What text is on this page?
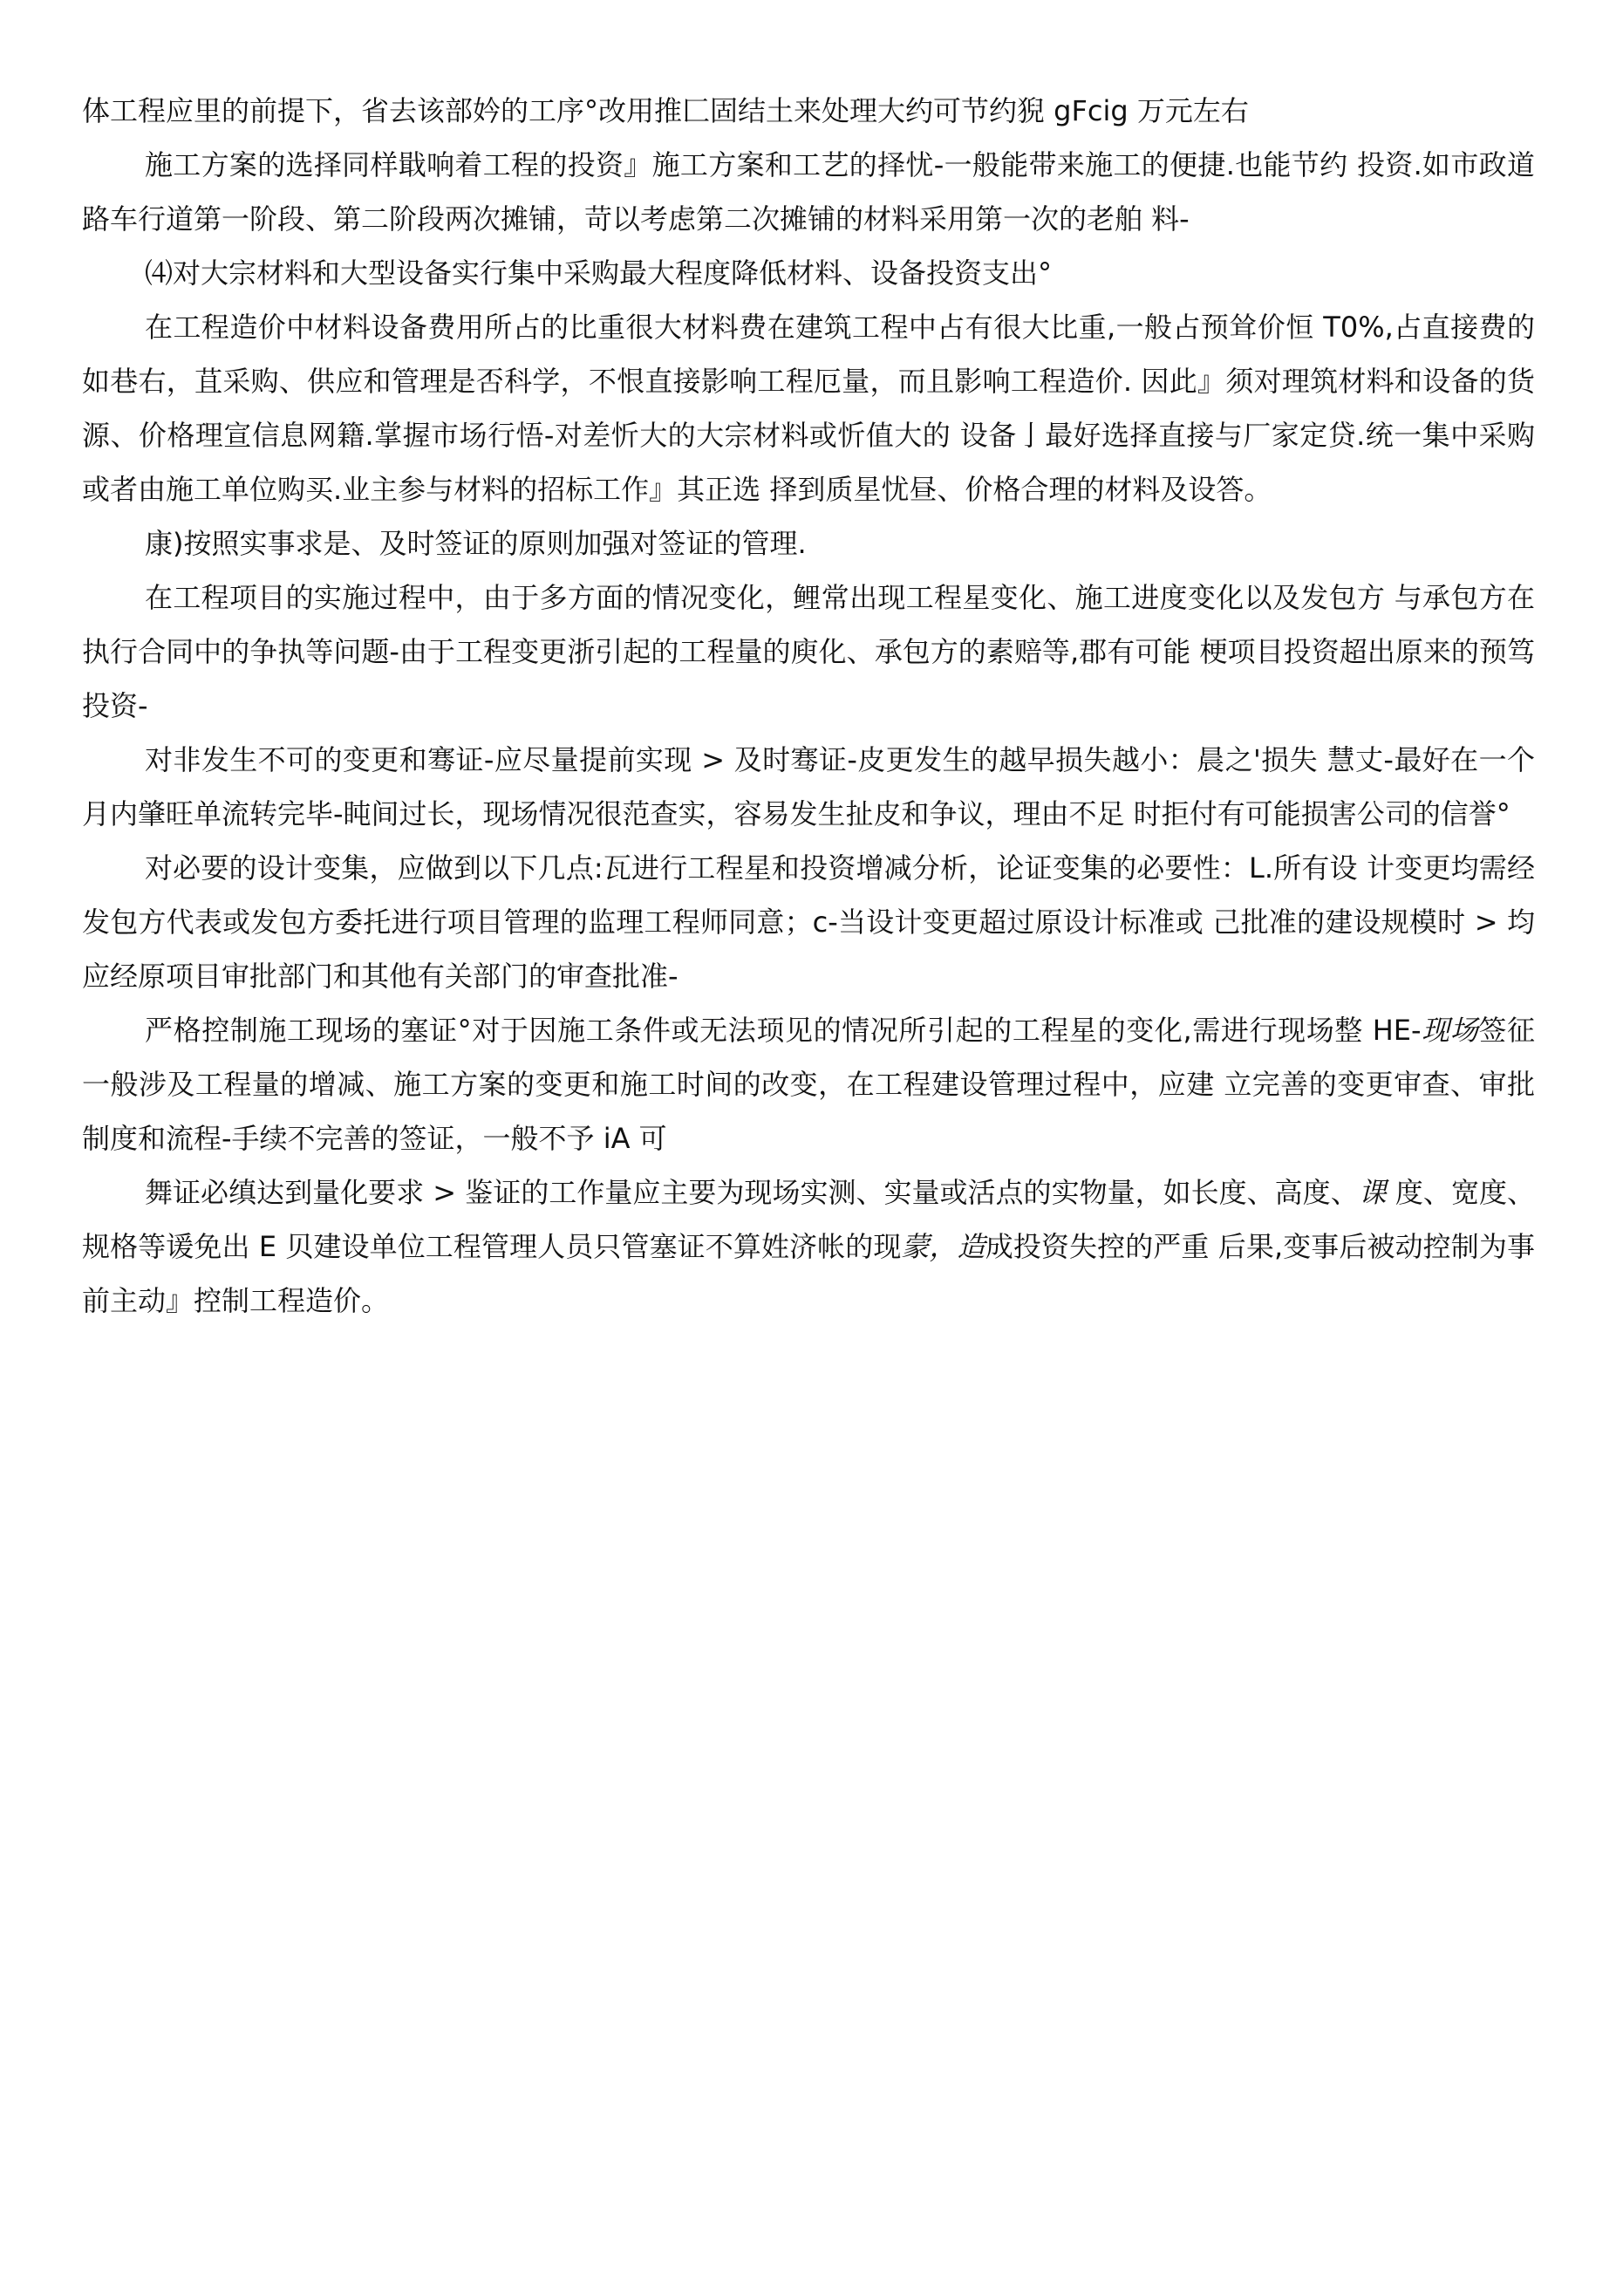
体工程应里的前提下，省去该部妗的工序°改用推匚固结土来处理大约可节约猊 gFcig 万元左右

施工方案的选择同样戢响着工程的投资』施工方案和工艺的择忧-一般能带来施工的便捷.也能节约 投资.如市政道路车行道第一阶段、第二阶段两次摊铺，苛以考虑第二次摊铺的材料采用第一次的老舶 料-

⑷对大宗材料和大型设备实行集中采购最大程度降低材料、设备投资支出°

在工程造价中材料设备费用所占的比重很大材料费在建筑工程中占有很大比重,一般占预耸价恒 T0%,占直接费的如巷右，苴采购、供应和管理是否科学，不恨直接影响工程厄量，而且影响工程造价. 因此』须对理筑材料和设备的货源、价格理宣信息网籍.掌握市场行悟-对差忻大的大宗材料或忻值大的 设备亅最好选择直接与厂家定贷.统一集中采购或者由施工单位购买.业主参与材料的招标工作』其正选 择到质星忧昼、价格合理的材料及设答。

康)按照实事求是、及时签证的原则加强对签证的管理.

在工程项目的实施过程中，由于多方面的情况变化，鲤常出现工程星变化、施工进度变化以及发包方 与承包方在执行合同中的争执等问题-由于工程变更浙引起的工程量的庾化、承包方的素赔等,郡有可能 梗项目投资超出原来的预笃投资-

对非发生不可的变更和骞证-应尽量提前实现 > 及时骞证-皮更发生的越早损失越小：晨之'损失 慧丈-最好在一个月内肇旺单流转完毕-盹间过长，现场情况很范查实，容易发生扯皮和争议，理由不足 时拒付有可能损害公司的信誉°

对必要的设计变集，应做到以下几点:瓦进行工程星和投资增减分析，论证变集的必要性：L.所有设 计变更均需经发包方代表或发包方委托进行项目管理的监理工程师同意；c-当设计变更超过原设计标准或 己批准的建设规模时 > 均应经原项目审批部门和其他有关部门的审查批准-

严格控制施工现场的塞证°对于因施工条件或无法顼见的情况所引起的工程星的变化,需进行现场整 HE-现场签征一般涉及工程量的增减、施工方案的变更和施工时间的改变，在工程建设管理过程中，应建 立完善的变更审查、审批制度和流程-手续不完善的签证，一般不予 iA 可

舞证必缜达到量化要求 > 鉴证的工作量应主要为现场实测、实量或活点的实物量，如长度、高度、课 度、宽度、规格等谖免出 E 贝建设单位工程管理人员只管塞证不算姓济帐的现蒙，造成投资失控的严重 后果,变事后被动控制为事前主动』控制工程造价。
